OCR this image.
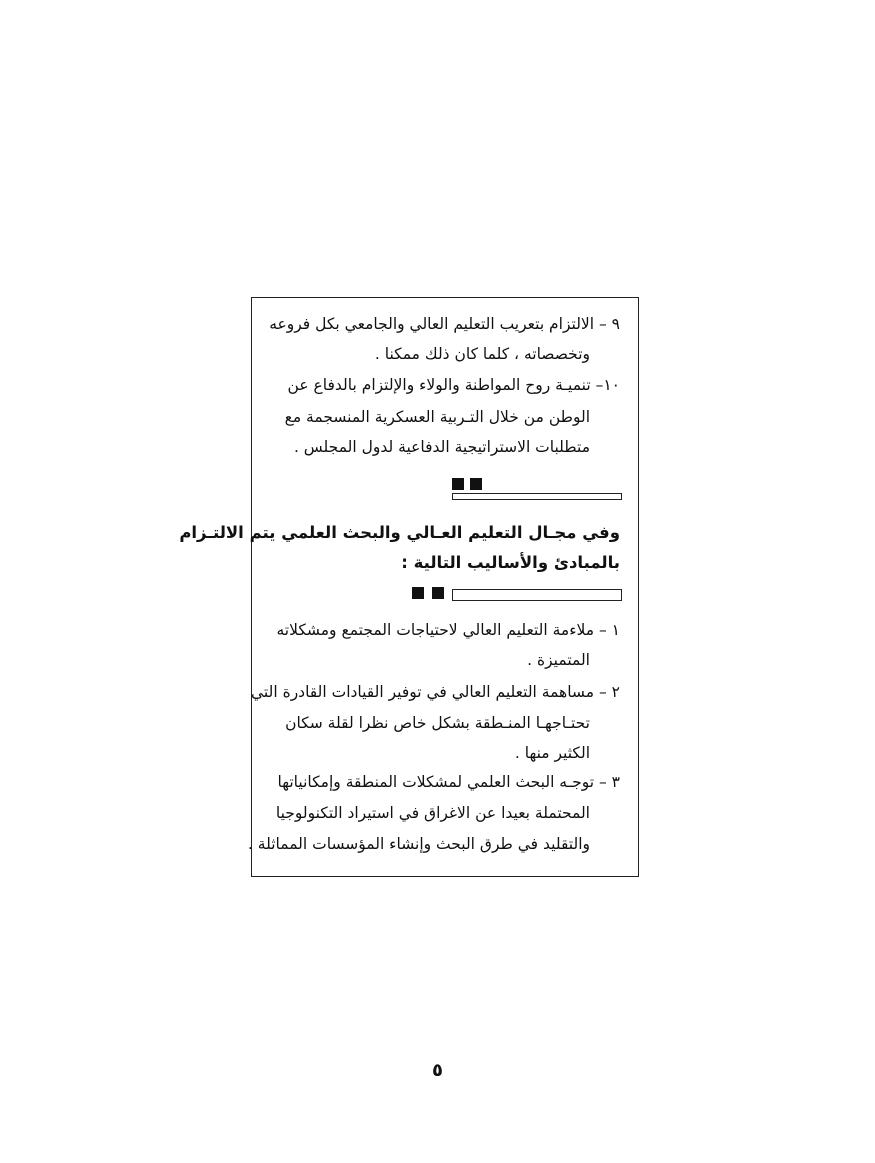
٩ – الالتزام بتعريب التعليم العالي والجامعي بكل فروعه
وتخصصاته ، كلما كان ذلك ممكنا .
١٠– تنميـة روح المواطنة والولاء والإلتزام بالدفاع عن
الوطن من خلال التـربية العسكرية المنسجمة مع
متطلبات الاستراتيجية الدفاعية لدول المجلس .
وفي مجـال التعليم العـالي والبحث العلمي يتم الالتـزام
بالمبادئ والأساليب التالية :
١ – ملاءمة التعليم العالي لاحتياجات المجتمع ومشكلاته
المتميزة .
٢ – مساهمة التعليم العالي في توفير القيادات القادرة التي
تحتـاجهـا المنـطقة بشكل خاص نظرا لقلة سكان
الكثير منها .
٣ – توجـه البحث العلمي لمشكلات المنطقة وإمكانياتها
المحتملة بعيدا عن الاغراق في استيراد التكنولوجيا
والتقليد في طرق البحث وإنشاء المؤسسات المماثلة .
٥
